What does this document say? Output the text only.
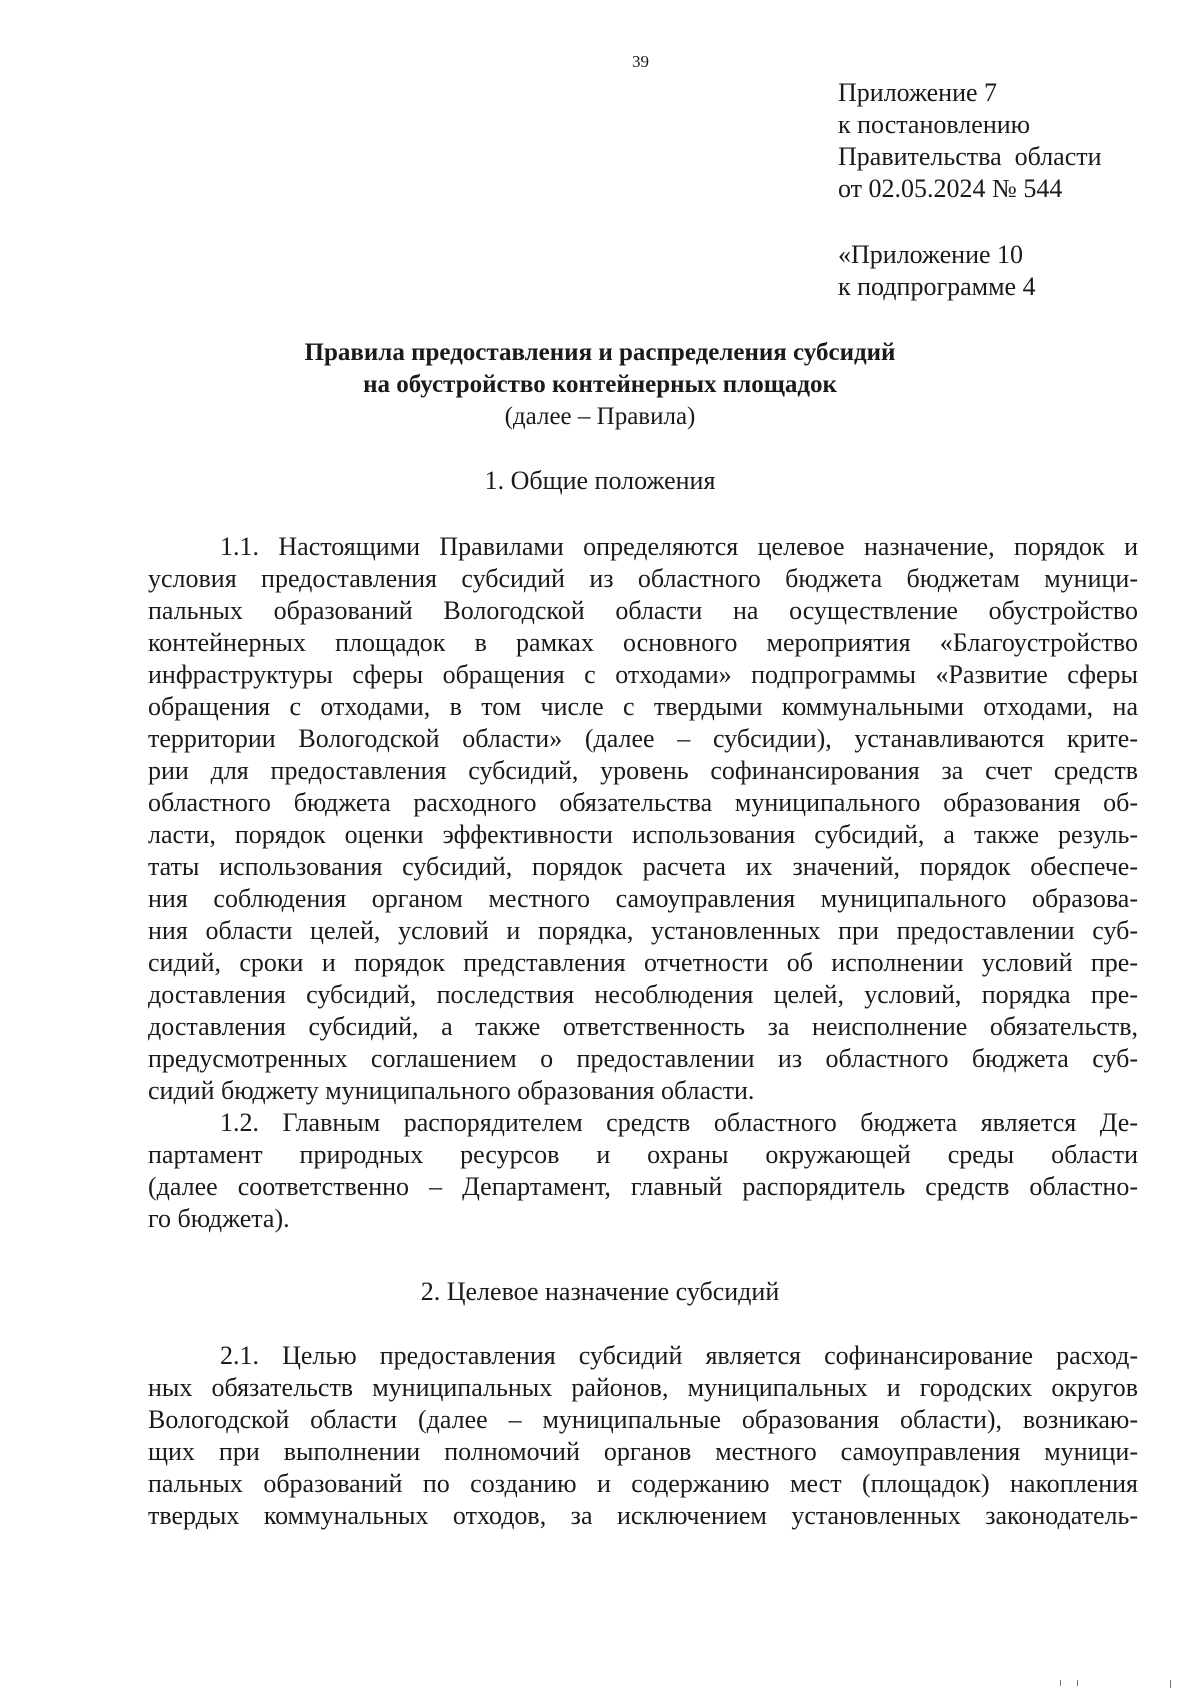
39
Приложение 7
к постановлению
Правительства  области
от 02.05.2024 № 544
«Приложение 10
к подпрограмме 4
Правила предоставления и распределения субсидий
на обустройство контейнерных площадок
(далее – Правила)
1. Общие положения
1.1. Настоящими Правилами определяются целевое назначение, порядок и
условия предоставления субсидий из областного бюджета бюджетам муници-
пальных образований Вологодской области на осуществление обустройство
контейнерных площадок в рамках основного мероприятия «Благоустройство
инфраструктуры сферы обращения с отходами» подпрограммы «Развитие сферы
обращения с отходами, в том числе с твердыми коммунальными отходами, на
территории Вологодской области» (далее – субсидии), устанавливаются крите-
рии для предоставления субсидий, уровень софинансирования за счет средств
областного бюджета расходного обязательства муниципального образования об-
ласти, порядок оценки эффективности использования субсидий, а также резуль-
таты использования субсидий, порядок расчета их значений, порядок обеспече-
ния соблюдения органом местного самоуправления муниципального образова-
ния области целей, условий и порядка, установленных при предоставлении суб-
сидий, сроки и порядок представления отчетности об исполнении условий пре-
доставления субсидий, последствия несоблюдения целей, условий, порядка пре-
доставления субсидий, а также ответственность за неисполнение обязательств,
предусмотренных соглашением о предоставлении из областного бюджета суб-
сидий бюджету муниципального образования области.
1.2. Главным распорядителем средств областного бюджета является Де-
партамент природных ресурсов и охраны окружающей среды области
(далее соответственно – Департамент, главный распорядитель средств областно-
го бюджета).
2. Целевое назначение субсидий
2.1. Целью предоставления субсидий является софинансирование расход-
ных обязательств муниципальных районов, муниципальных и городских округов
Вологодской области (далее – муниципальные образования области), возникаю-
щих при выполнении полномочий органов местного самоуправления муници-
пальных образований по созданию и содержанию мест (площадок) накопления
твердых коммунальных отходов, за исключением установленных законодатель-
